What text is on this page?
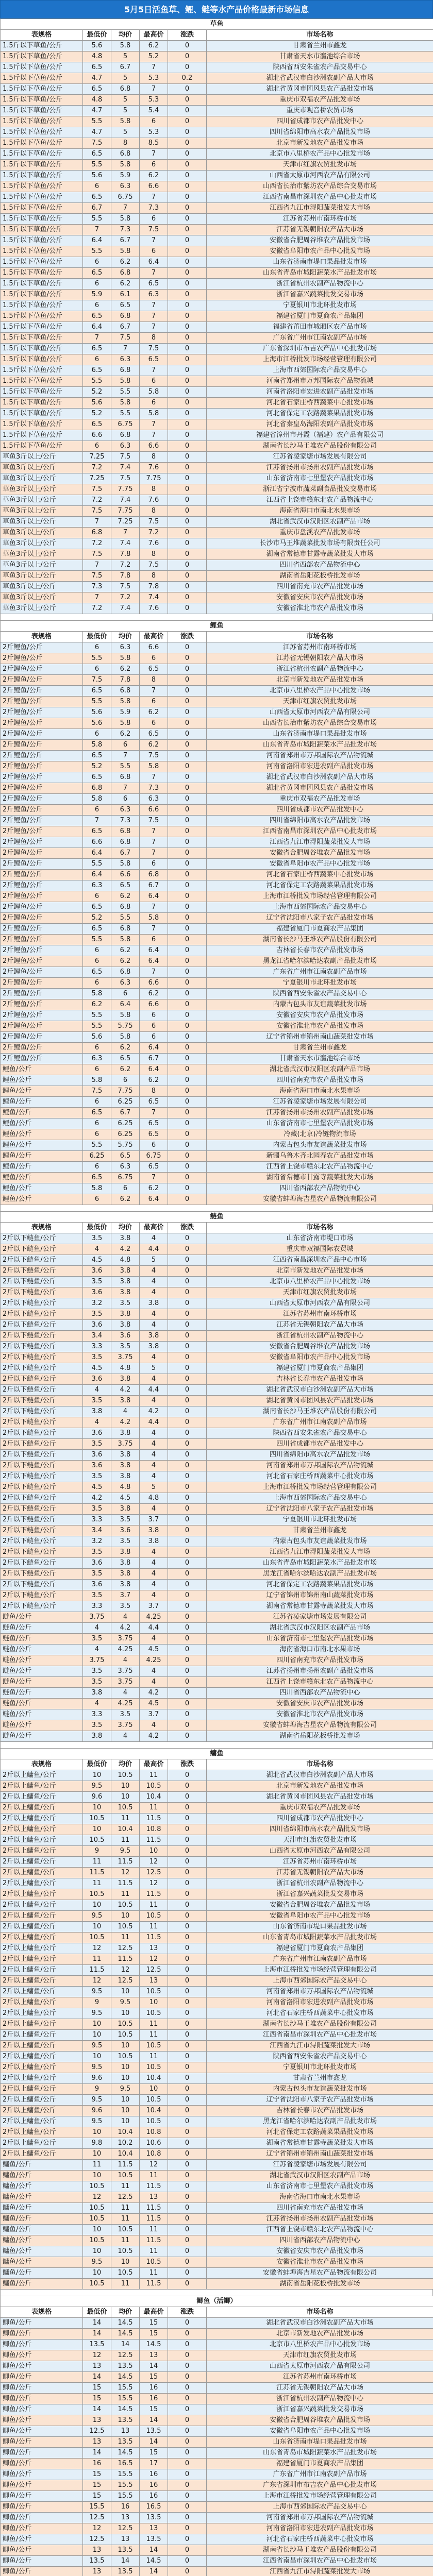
5月5日活鱼草、鲤、鲢等水产品价格最新市场信息
草鱼					
表规格	最低价	均价	最高价	涨跌	市场名称
1.5斤以下草鱼/公斤	5.6	5.8	6.2	0	甘肃省兰州市鑫龙
1.5斤以下草鱼/公斤	4.8	5	5.2	0	甘肃省天水市瀛池综合市场
1.5斤以下草鱼/公斤	6.5	6.7	7	0	陕西省西安朱雀农产品交易中心
1.5斤以下草鱼/公斤	4.7	5	5.3	0.2	湖北省武汉市白沙洲农副产品大市场
1.5斤以下草鱼/公斤	6.5	6.8	7	0	湖北省黄冈市团风县农产品批发市场
1.5斤以下草鱼/公斤	4.8	5	5.3	0	重庆市双福农产品批发市场
1.5斤以下草鱼/公斤	4.7	5	5.4	0	重庆市观音桥农贸市场
1.5斤以下草鱼/公斤	5.5	5.8	6	0	四川省成都市农产品批发中心
1.5斤以下草鱼/公斤	4.7	5	5.3	0	四川省绵阳市高水农产品批发市场
1.5斤以下草鱼/公斤	7.5	8	8.5	0	北京市新发地农产品批发市场
1.5斤以下草鱼/公斤	6.5	6.8	7	0	北京市八里桥农产品中心批发市场
1.5斤以下草鱼/公斤	5.5	5.8	6	0	天津市红旗农贸批发市场
1.5斤以下草鱼/公斤	5.6	5.9	6.2	0	山西省太原市河西农产品有限公司
1.5斤以下草鱼/公斤	6	6.3	6.6	0	山西省长治市紫坊农产品综合交易市场
1.5斤以下草鱼/公斤	6.5	6.75	7	0	江西省南昌市深圳农产品中心批发市场
1.5斤以下草鱼/公斤	6.7	7	7.3	0	江西省九江市浔阳蔬菜批发大市场
1.5斤以下草鱼/公斤	5.5	5.8	6	0	江苏省苏州市南环桥市场
1.5斤以下草鱼/公斤	7	7.3	7.5	0	江苏省无锡朝阳农产品大市场
1.5斤以下草鱼/公斤	6.4	6.7	7	0	安徽省合肥周谷堆农产品批发市场
1.5斤以下草鱼/公斤	5.5	5.8	6	0	安徽省阜阳市农产品中心批发市场
1.5斤以下草鱼/公斤	6	6.2	6.4	0	山东省济南市堤口果品批发市场
1.5斤以下草鱼/公斤	6.5	6.8	7	0	山东省青岛市城阳蔬菜水产品批发市场
1.5斤以下草鱼/公斤	6	6.2	6.5	0	浙江省杭州农副产品物流中心
1.5斤以下草鱼/公斤	5.9	6.1	6.3	0	浙江省嘉兴蔬菜批发交易市场
1.5斤以下草鱼/公斤	6	6.5	7	0	宁夏银川市北环批发市场
1.5斤以下草鱼/公斤	6.5	6.8	7	0	福建省厦门市夏商农产品集团
1.5斤以下草鱼/公斤	6.4	6.7	7	0	福建省莆田市城厢区农产品市场
1.5斤以下草鱼/公斤	7	7.5	8	0	广东省广州市江南农副产品市场
1.5斤以下草鱼/公斤	6.5	7	7.5	0	广东省深圳市布吉农产品中心批发市场
1.5斤以下草鱼/公斤	6	6.3	6.5	0	上海市江桥批发市场经营管理有限公司
1.5斤以下草鱼/公斤	6.5	6.8	7	0	上海市西郊国际农产品交易中心
1.5斤以下草鱼/公斤	5.5	5.8	6	0	河南省郑州市万邦国际农产品物流城
1.5斤以下草鱼/公斤	5.2	5.5	5.8	0	河南省洛阳市宏进农副产品批发市场
1.5斤以下草鱼/公斤	5.6	5.8	6	0	河北省石家庄桥西蔬菜中心批发市场
1.5斤以下草鱼/公斤	5.2	5.5	5.8	0	河北省保定工农路蔬菜果品批发市场
1.5斤以下草鱼/公斤	6.5	6.75	7	0	河北省秦皇岛海阳农副产品批发市场
1.5斤以下草鱼/公斤	6.6	6.8	7	0	福建省漳州市丹霞（福建）农产品有限公司
1.5斤以下草鱼/公斤	6	6.3	6.6	0	湖南省长沙马王堆农产品股份有限公司
草鱼3斤以上/公斤	7.25	7.5	8	0	江苏省凌家塘市场发展有限公司
草鱼3斤以上/公斤	7.2	7.4	7.6	0	江苏省扬州市扬州农副产品批发市场
草鱼3斤以上/公斤	7.25	7.5	7.75	0	山东省济南市七里堡农产品批发市场
草鱼3斤以上/公斤	7.5	7.75	8	0	浙江省宁波市蔬菜副食品批发交易市场
草鱼3斤以上/公斤	7.2	7.4	7.6	0	江西省上饶市赣东北农产品物流中心
草鱼3斤以上/公斤	7.5	7.75	8	0	海南省海口市南北水果市场
草鱼3斤以上/公斤	7	7.25	7.5	0	湖北省武汉市汉阳区农副产品市场
草鱼3斤以上/公斤	6.8	7	7.2	0	重庆市盘溪农产品批发市场
草鱼3斤以上/公斤	7.2	7.4	7.6	0	长沙市马王堆蔬菜批发市场有限责任公司
草鱼3斤以上/公斤	7.5	7.8	8	0	湖南省常德市甘露寺蔬菜批发大市场
草鱼3斤以上/公斤	7	7.2	7.5	0	四川省西部农产品物流中心
草鱼3斤以上/公斤	7.5	7.8	8	0	湖南省岳阳花板桥批发市场
草鱼3斤以上/公斤	7.3	7.5	7.8	0	四川省南充市农产品批发市场
草鱼3斤以上/公斤	7	7.2	7.4	0	安徽省安庆市农产品批发市场
草鱼3斤以上/公斤	7.2	7.4	7.6	0	安徽省淮北市农产品批发市场
鲤鱼					
表规格	最低价	均价	最高价	涨跌	市场名称
2斤鲤鱼/公斤	6	6.3	6.6	0	江苏省苏州市南环桥市场
2斤鲤鱼/公斤	5.5	5.8	6	0	江苏省无锡朝阳农产品大市场
2斤鲤鱼/公斤	6	6.2	6.5	0	浙江省杭州农副产品物流中心
2斤鲤鱼/公斤	7.5	7.8	8	0	北京市新发地农产品批发市场
2斤鲤鱼/公斤	6.5	6.8	7	0	北京市八里桥农产品中心批发市场
2斤鲤鱼/公斤	5.5	5.8	6	0	天津市红旗农贸批发市场
2斤鲤鱼/公斤	5.6	5.9	6.2	0	山西省太原市河西农产品有限公司
2斤鲤鱼/公斤	5.6	5.8	6	0	山西省长治市紫坊农产品综合交易市场
2斤鲤鱼/公斤	6	6.2	6.5	0	山东省济南市堤口果品批发市场
2斤鲤鱼/公斤	5.8	6	6.2	0	山东省青岛市城阳蔬菜水产品批发市场
2斤鲤鱼/公斤	6.5	7	7.5	0	河南省郑州市万邦国际农产品物流城
2斤鲤鱼/公斤	5.2	5.5	5.8	0	河南省洛阳市宏进农副产品批发市场
2斤鲤鱼/公斤	6.5	6.8	7	0	湖北省武汉市白沙洲农副产品大市场
2斤鲤鱼/公斤	6.8	7	7.3	0	湖北省黄冈市团风县农产品批发市场
2斤鲤鱼/公斤	5.8	6	6.3	0	重庆市双福农产品批发市场
2斤鲤鱼/公斤	6	6.3	6.6	0	四川省成都市农产品批发中心
2斤鲤鱼/公斤	7	7.3	7.5	0	四川省绵阳市高水农产品批发市场
2斤鲤鱼/公斤	6.5	6.8	7	0	江西省南昌市深圳农产品中心批发市场
2斤鲤鱼/公斤	6.6	6.8	7	0	江西省九江市浔阳蔬菜批发大市场
2斤鲤鱼/公斤	6.4	6.7	7	0	安徽省合肥周谷堆农产品批发市场
2斤鲤鱼/公斤	5.5	5.8	6	0	安徽省阜阳市农产品中心批发市场
2斤鲤鱼/公斤	6.4	6.6	6.8	0	河北省石家庄桥西蔬菜中心批发市场
2斤鲤鱼/公斤	6.3	6.5	6.7	0	河北省保定工农路蔬菜果品批发市场
2斤鲤鱼/公斤	6	6.2	6.4	0	上海市江桥批发市场经营管理有限公司
2斤鲤鱼/公斤	6.5	6.8	7	0	上海市西郊国际农产品交易中心
2斤鲤鱼/公斤	5.2	5.5	5.8	0	辽宁省沈阳市八家子农产品批发市场
2斤鲤鱼/公斤	6.5	6.8	7	0	福建省厦门市夏商农产品集团
2斤鲤鱼/公斤	5.5	5.8	6	0	湖南省长沙马王堆农产品股份有限公司
2斤鲤鱼/公斤	6	6.2	6.4	0	吉林省长春市农产品批发市场
2斤鲤鱼/公斤	6	6.2	6.4	0	黑龙江省哈尔滨哈达农副产品批发市场
2斤鲤鱼/公斤	6.5	6.8	7	0	广东省广州市江南农副产品市场
2斤鲤鱼/公斤	6	6.3	6.6	0	宁夏银川市北环批发市场
2斤鲤鱼/公斤	5.8	6	6.2	0	陕西省西安朱雀农产品交易中心
2斤鲤鱼/公斤	6.2	6.4	6.6	0	内蒙古包头市友谊蔬菜批发市场
2斤鲤鱼/公斤	5.5	5.8	6	0	安徽省安庆市农产品批发市场
2斤鲤鱼/公斤	5.5	5.75	6	0	安徽省淮北市农产品批发市场
2斤鲤鱼/公斤	5.6	5.8	6	0	辽宁省锦州市锦州南山蔬菜批发市场
2斤鲤鱼/公斤	6	6.2	6.4	0	甘肃省兰州市鑫龙
2斤鲤鱼/公斤	6.3	6.5	6.7	0	甘肃省天水市瀛池综合市场
鲤鱼/公斤	6	6.2	6.4	0	湖北省武汉市汉阳区农副产品市场
鲤鱼/公斤	5.8	6	6.2	0	四川省南充市农产品批发市场
鲤鱼/公斤	7.5	7.75	8	0	海南省海口市南北水果市场
鲤鱼/公斤	6	6.25	6.5	0	江苏省凌家塘市场发展有限公司
鲤鱼/公斤	6.5	6.7	7	0	江苏省扬州市扬州农副产品批发市场
鲤鱼/公斤	6	6.25	6.5	0	山东省济南市七里堡农产品批发市场
鲤鱼/公斤	6	6.25	6.5	0	冷藏(北京)冷链物流市场
鲤鱼/公斤	5.5	5.75	6	0	内蒙古包头市友谊蔬菜批发市场
鲤鱼/公斤	6.25	6.5	6.75	0	新疆乌鲁木齐北园春农产品批发市场
鲤鱼/公斤	6	6.3	6.5	0	江西省上饶市赣东北农产品物流中心
鲤鱼/公斤	6.5	6.75	7	0	湖南省常德市甘露寺蔬菜批发大市场
鲤鱼/公斤	5.8	6	6.2	0	四川省西部农产品物流中心
鲤鱼/公斤	6	6.2	6.4	0	安徽省蚌埠海吉星农产品物流有限公司
鲢鱼					
表规格	最低价	均价	最高价	涨跌	市场名称
2斤以下鲢鱼/公斤	3.5	3.8	4	0	山东省济南市堤口市场
2斤以下鲢鱼/公斤	4	4.2	4.4	0	重庆市双福国际农贸城
2斤以下鲢鱼/公斤	4.5	4.8	5	0	江西省南昌深圳农产品中心市场
2斤以下鲢鱼/公斤	3.6	3.8	4	0	北京市新发地农产品批发市场
2斤以下鲢鱼/公斤	3.5	3.8	4	0	北京市八里桥农产品中心批发市场
2斤以下鲢鱼/公斤	3.6	3.8	4	0	天津市红旗农贸批发市场
2斤以下鲢鱼/公斤	3.2	3.5	3.8	0	山西省太原市河西农产品有限公司
2斤以下鲢鱼/公斤	3.5	3.8	4	0	江苏省苏州市南环桥市场
2斤以下鲢鱼/公斤	3.6	3.8	4	0	江苏省无锡朝阳农产品大市场
2斤以下鲢鱼/公斤	3.4	3.6	3.8	0	浙江省杭州农副产品物流中心
2斤以下鲢鱼/公斤	3.3	3.5	3.8	0	安徽省合肥周谷堆农产品批发市场
2斤以下鲢鱼/公斤	3.5	3.75	4	0	安徽省阜阳市农产品中心批发市场
2斤以下鲢鱼/公斤	4.5	4.8	5	0	福建省厦门市夏商农产品集团
2斤以下鲢鱼/公斤	3.6	3.8	4	0	吉林省长春市农产品批发市场
2斤以下鲢鱼/公斤	4	4.2	4.4	0	湖北省武汉市白沙洲农副产品大市场
2斤以下鲢鱼/公斤	3.5	3.8	4	0	湖北省黄冈市团风县农产品批发市场
2斤以下鲢鱼/公斤	3.8	4	4.2	0	湖南省长沙马王堆农产品股份有限公司
2斤以下鲢鱼/公斤	4	4.2	4.4	0	广东省广州市江南农副产品市场
2斤以下鲢鱼/公斤	3.6	3.8	4	0	陕西省西安朱雀农产品交易中心
2斤以下鲢鱼/公斤	3.5	3.75	4	0	四川省成都市农产品批发中心
2斤以下鲢鱼/公斤	3.6	3.8	4	0	四川省绵阳市高水农产品批发市场
2斤以下鲢鱼/公斤	3.6	3.8	4	0	河南省郑州市万邦国际农产品物流城
2斤以下鲢鱼/公斤	3.5	3.8	4	0	河北省石家庄桥西蔬菜中心批发市场
2斤以下鲢鱼/公斤	4.5	4.8	5	0	上海市江桥批发市场经营管理有限公司
2斤以下鲢鱼/公斤	4.2	4.5	4.8	0	上海市西郊国际农产品交易中心
2斤以下鲢鱼/公斤	3.5	3.8	4	0	辽宁省沈阳市八家子农产品批发市场
2斤以下鲢鱼/公斤	3.3	3.5	3.7	0	宁夏银川市北环批发市场
2斤以下鲢鱼/公斤	3.4	3.6	3.8	0	甘肃省兰州市鑫龙
2斤以下鲢鱼/公斤	3.2	3.5	3.8	0	内蒙古包头市友谊蔬菜批发市场
2斤以下鲢鱼/公斤	3.5	3.8	4	0	江西省九江市浔阳蔬菜批发大市场
2斤以下鲢鱼/公斤	3.6	3.8	4	0	山东省青岛市城阳蔬菜水产品批发市场
2斤以下鲢鱼/公斤	3.5	3.8	4	0	黑龙江省哈尔滨哈达农副产品批发市场
2斤以下鲢鱼/公斤	3.6	3.8	4	0	河北省保定工农路蔬菜果品批发市场
2斤以下鲢鱼/公斤	3.5	3.7	4	0	辽宁省锦州市锦州南山蔬菜批发市场
2斤以下鲢鱼/公斤	3.3	3.5	3.7	0	湖南省常德市甘露寺蔬菜批发大市场
鲢鱼/公斤	3.75	4	4.25	0	江苏省凌家塘市场发展有限公司
鲢鱼/公斤	4	4.2	4.4	0	湖北省武汉市汉阳区农副产品市场
鲢鱼/公斤	3.5	3.75	4	0	山东省济南市七里堡农产品批发市场
鲢鱼/公斤	4	4.25	4.5	0	海南省海口市南北水果市场
鲢鱼/公斤	3.75	4	4.25	0	四川省南充市农产品批发市场
鲢鱼/公斤	3.5	3.75	4	0	江苏省扬州市扬州农副产品批发市场
鲢鱼/公斤	3.5	3.75	4	0	江西省上饶市赣东北农产品物流中心
鲢鱼/公斤	3.8	4	4.2	0	四川省西部农产品物流中心
鲢鱼/公斤	4	4.25	4.5	0	安徽省安庆市农产品批发市场
鲢鱼/公斤	3.3	3.5	3.7	0	安徽省淮北市农产品批发市场
鲢鱼/公斤	3.5	3.75	4	0	安徽省蚌埠海吉星农产品物流有限公司
鲢鱼/公斤	3.8	4	4.2	0	湖南省岳阳花板桥批发市场
鳙鱼					
表规格	最低价	均价	最高价	涨跌	市场名称
2斤以上鳙鱼/公斤	10	10.5	11	0	湖北省武汉市白沙洲农副产品大市场
2斤以上鳙鱼/公斤	9.5	10	10.5	0	北京市新发地农产品批发市场
2斤以上鳙鱼/公斤	9.6	10	10.4	0	湖北省黄冈市团风县农产品批发市场
2斤以上鳙鱼/公斤	10	10.5	11	0	重庆市双福农产品批发市场
2斤以上鳙鱼/公斤	10.5	11	11.5	0	四川省成都市农产品批发中心
2斤以上鳙鱼/公斤	10	10.4	10.8	0	四川省绵阳市高水农产品批发市场
2斤以上鳙鱼/公斤	10.5	11	11.5	0	天津市红旗农贸批发市场
2斤以上鳙鱼/公斤	9	9.5	10	0	山西省太原市河西农产品有限公司
2斤以上鳙鱼/公斤	11	11.5	12	0	江苏省苏州市南环桥市场
2斤以上鳙鱼/公斤	11.5	12	12.5	0	江苏省无锡朝阳农产品大市场
2斤以上鳙鱼/公斤	11	11.5	12	0	浙江省杭州农副产品物流中心
2斤以上鳙鱼/公斤	10.5	11	11.5	0	浙江省嘉兴蔬菜批发交易市场
2斤以上鳙鱼/公斤	10	10.5	11	0	安徽省合肥周谷堆农产品批发市场
2斤以上鳙鱼/公斤	9.5	10	10.5	0	安徽省阜阳市农产品中心批发市场
2斤以上鳙鱼/公斤	10	10.5	11	0	山东省济南市堤口果品批发市场
2斤以上鳙鱼/公斤	10.5	11	11.5	0	山东省青岛市城阳蔬菜水产品批发市场
2斤以上鳙鱼/公斤	12	12.5	13	0	福建省厦门市夏商农产品集团
2斤以上鳙鱼/公斤	11	11.5	12	0	广东省广州市江南农副产品市场
2斤以上鳙鱼/公斤	11.5	12	12.5	0	上海市江桥批发市场经营管理有限公司
2斤以上鳙鱼/公斤	12	12.5	13	0	上海市西郊国际农产品交易中心
2斤以上鳙鱼/公斤	9.5	10	10.5	0	河南省郑州市万邦国际农产品物流城
2斤以上鳙鱼/公斤	9	9.5	10	0	河南省洛阳市宏进农副产品批发市场
2斤以上鳙鱼/公斤	9.5	10	10.5	0	河北省石家庄桥西蔬菜中心批发市场
2斤以上鳙鱼/公斤	10	10.5	11	0	湖南省长沙马王堆农产品股份有限公司
2斤以上鳙鱼/公斤	10	10.5	11	0	江西省南昌市深圳农产品中心批发市场
2斤以上鳙鱼/公斤	9.5	10	10.5	0	江西省九江市浔阳蔬菜批发大市场
2斤以上鳙鱼/公斤	10	10.5	11	0	陕西省西安朱雀农产品交易中心
2斤以上鳙鱼/公斤	9.5	10	10.5	0	宁夏银川市北环批发市场
2斤以上鳙鱼/公斤	9.6	10	10.4	0	甘肃省兰州市鑫龙
2斤以上鳙鱼/公斤	9	9.5	10	0	内蒙古包头市友谊蔬菜批发市场
2斤以上鳙鱼/公斤	9.5	10	10.5	0	辽宁省沈阳市八家子农产品批发市场
2斤以上鳙鱼/公斤	9.6	10	10.4	0	吉林省长春市农产品批发市场
2斤以上鳙鱼/公斤	9.5	10	10.5	0	黑龙江省哈尔滨哈达农副产品批发市场
2斤以上鳙鱼/公斤	10	10.4	10.8	0	河北省保定工农路蔬菜果品批发市场
2斤以上鳙鱼/公斤	9.8	10.2	10.6	0	湖南省常德市甘露寺蔬菜批发大市场
2斤以上鳙鱼/公斤	10	10.4	10.8	0	辽宁省锦州市锦州南山蔬菜批发市场
鳙鱼/公斤	11	11.5	12	0	江苏省凌家塘市场发展有限公司
鳙鱼/公斤	10	10.5	11	0	湖北省武汉市汉阳区农副产品市场
鳙鱼/公斤	10.5	11	11.5	0	山东省济南市七里堡农产品批发市场
鳙鱼/公斤	12	12.5	13	0	海南省海口市南北水果市场
鳙鱼/公斤	10.5	11	11.5	0	四川省南充市农产品批发市场
鳙鱼/公斤	10.5	11	11.5	0	江苏省扬州市扬州农副产品批发市场
鳙鱼/公斤	10	10.5	11	0	江西省上饶市赣东北农产品物流中心
鳙鱼/公斤	10.5	11	11.5	0	四川省西部农产品物流中心
鳙鱼/公斤	10	10.5	11	0	安徽省安庆市农产品批发市场
鳙鱼/公斤	9.5	10	10.5	0	安徽省淮北市农产品批发市场
鳙鱼/公斤	10	10.5	11	0	安徽省蚌埠海吉星农产品物流有限公司
鳙鱼/公斤	10.5	11	11.5	0	湖南省岳阳花板桥批发市场
鲫鱼（活鲫）					
表规格	最低价	均价	最高价	涨跌	市场名称
鲫鱼/公斤	14	14.5	15	0	湖北省武汉市白沙洲农副产品大市场
鲫鱼/公斤	14	14.5	15	0	北京市新发地农产品批发市场
鲫鱼/公斤	13.5	14	14.5	0	北京市八里桥农产品中心批发市场
鲫鱼/公斤	12	12.5	13	0	天津市红旗农贸批发市场
鲫鱼/公斤	13	13.5	14	0	山西省太原市河西农产品有限公司
鲫鱼/公斤	14	14.5	15	0	江苏省苏州市南环桥市场
鲫鱼/公斤	15	15.5	16	0	江苏省无锡朝阳农产品大市场
鲫鱼/公斤	15	15.5	16	0	浙江省杭州农副产品物流中心
鲫鱼/公斤	14	14.5	15	0	浙江省嘉兴蔬菜批发交易市场
鲫鱼/公斤	13	13.5	14	0	安徽省合肥周谷堆农产品批发市场
鲫鱼/公斤	12.5	13	13.5	0	安徽省阜阳市农产品中心批发市场
鲫鱼/公斤	13	13.5	14	0	山东省济南市堤口果品批发市场
鲫鱼/公斤	14	14.5	15	0	山东省青岛市城阳蔬菜水产品批发市场
鲫鱼/公斤	16	16.5	17	0	福建省厦门市夏商农产品集团
鲫鱼/公斤	15	15.5	16	0	广东省广州市江南农副产品市场
鲫鱼/公斤	15	15.5	16	0	广东省深圳市布吉农产品中心批发市场
鲫鱼/公斤	15	15.5	16	0	上海市江桥批发市场经营管理有限公司
鲫鱼/公斤	15.5	16	16.5	0	上海市西郊国际农产品交易中心
鲫鱼/公斤	12.5	13	13.5	0	河南省郑州市万邦国际农产品物流城
鲫鱼/公斤	12	12.5	13	0	河南省洛阳市宏进农副产品批发市场
鲫鱼/公斤	12.5	13	13.5	0	河北省石家庄桥西蔬菜中心批发市场
鲫鱼/公斤	13	13.5	14	0	湖南省长沙马王堆农产品股份有限公司
鲫鱼/公斤	13.5	14	14.5	0	江西省南昌市深圳农产品中心批发市场
鲫鱼/公斤	13	13.5	14	0	江西省九江市浔阳蔬菜批发大市场
